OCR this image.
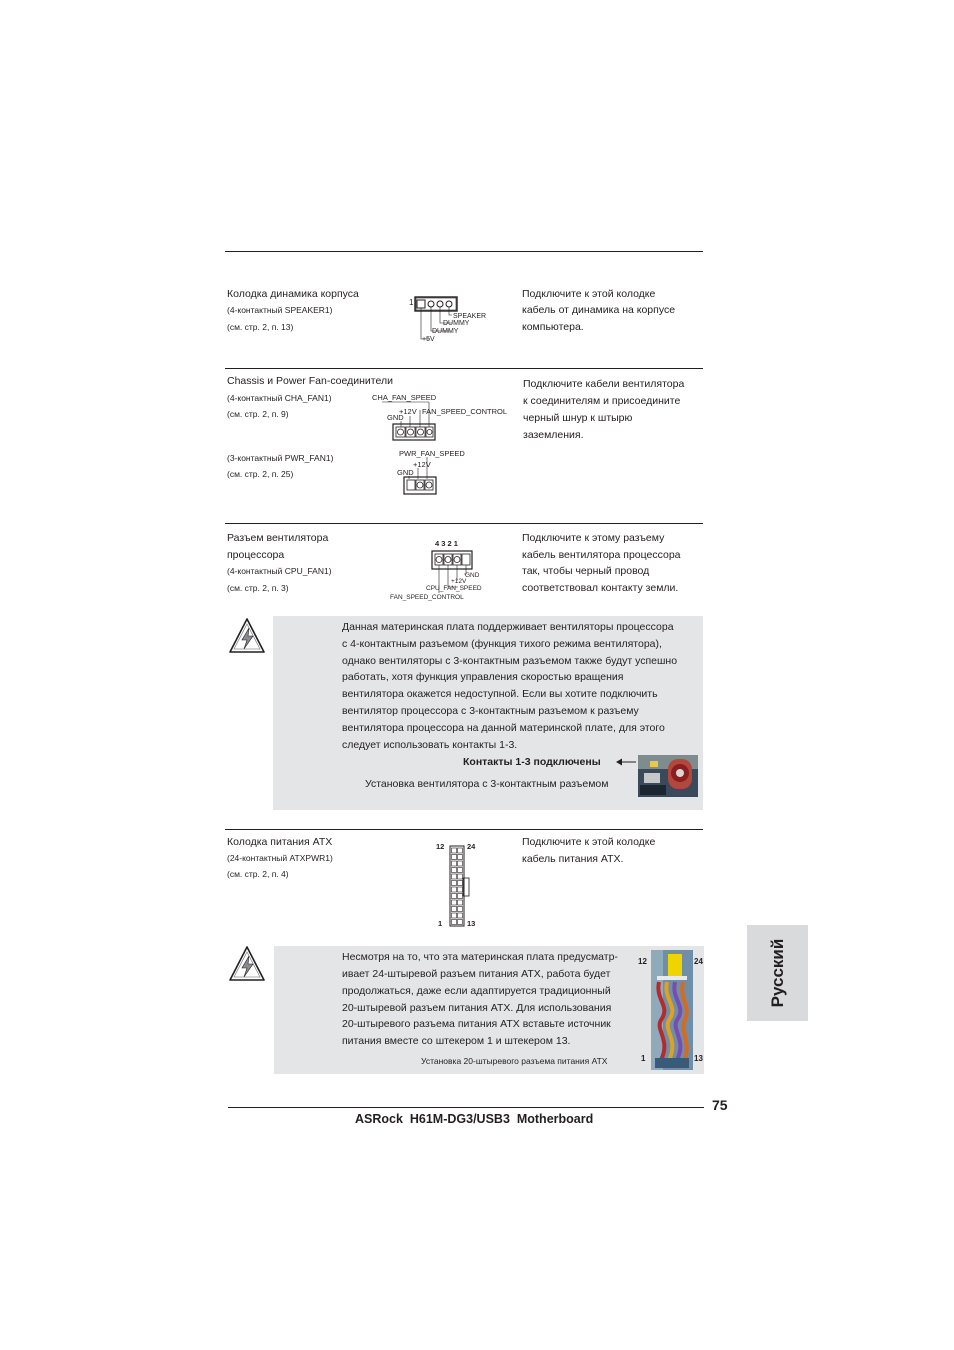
Колодка динамика корпуса
(4-контактный SPEAKER1)
(см. стр. 2, п. 13)
1
SPEAKER
DUMMY
DUMMY
+5V
Подключите к этой колодке
кабель от динамика на корпусе
компьютера.
Chassis и Power Fan-соединители
(4-контактный CHA_FAN1)
(см. стр. 2, п. 9)
(3-контактный PWR_FAN1)
(см. стр. 2, п. 25)
CHA_FAN_SPEED
+12V FAN_SPEED_CONTROL
GND
PWR_FAN_SPEED
+12V
GND
Подключите кабели вентилятора
к соединителям и присоедините
черный шнур к штырю
заземления.
Разъем вентилятора
процессора
(4-контактный CPU_FAN1)
(см. стр. 2, п. 3)
4 3 2 1
GND
+12V
CPU_FAN_SPEED
FAN_SPEED_CONTROL
Подключите к этому разъему
кабель вентилятора процессора
так, чтобы черный провод
соответствовал контакту земли.
Данная материнская плата поддерживает вентиляторы процессора
с 4-контактным разъемом (функция тихого режима вентилятора),
однако вентиляторы с 3-контактным разъемом также будут успешно
работать, хотя функция управления скоростью вращения
вентилятора окажется недоступной. Если вы хотите подключить
вентилятор процессора с 3-контактным разъемом к разъему
вентилятора процессора на данной материнской плате, для этого
следует использовать контакты 1-3.
Контакты 1-3 подключены
Установка вентилятора с 3-контактным разъемом
Колодка питания ATX
(24-контактный ATXPWR1)
(см. стр. 2, п. 4)
12	24
1	13
Подключите к этой колодке
кабель питания ATX.
Несмотря на то, что эта материнская плата предусматр-
ивает 24-штыревой разъем питания ATX, работа будет
продолжаться, даже если адаптируется традиционный
20-штыревой разъем питания ATX. Для использования
20-штыревого разъема питания ATX вставьте источник
питания вместе со штекером 1 и штекером 13.
Установка 20-штыревого разъема питания ATX
12	24
1	13
Русский
75
ASRock  H61M-DG3/USB3  Motherboard
